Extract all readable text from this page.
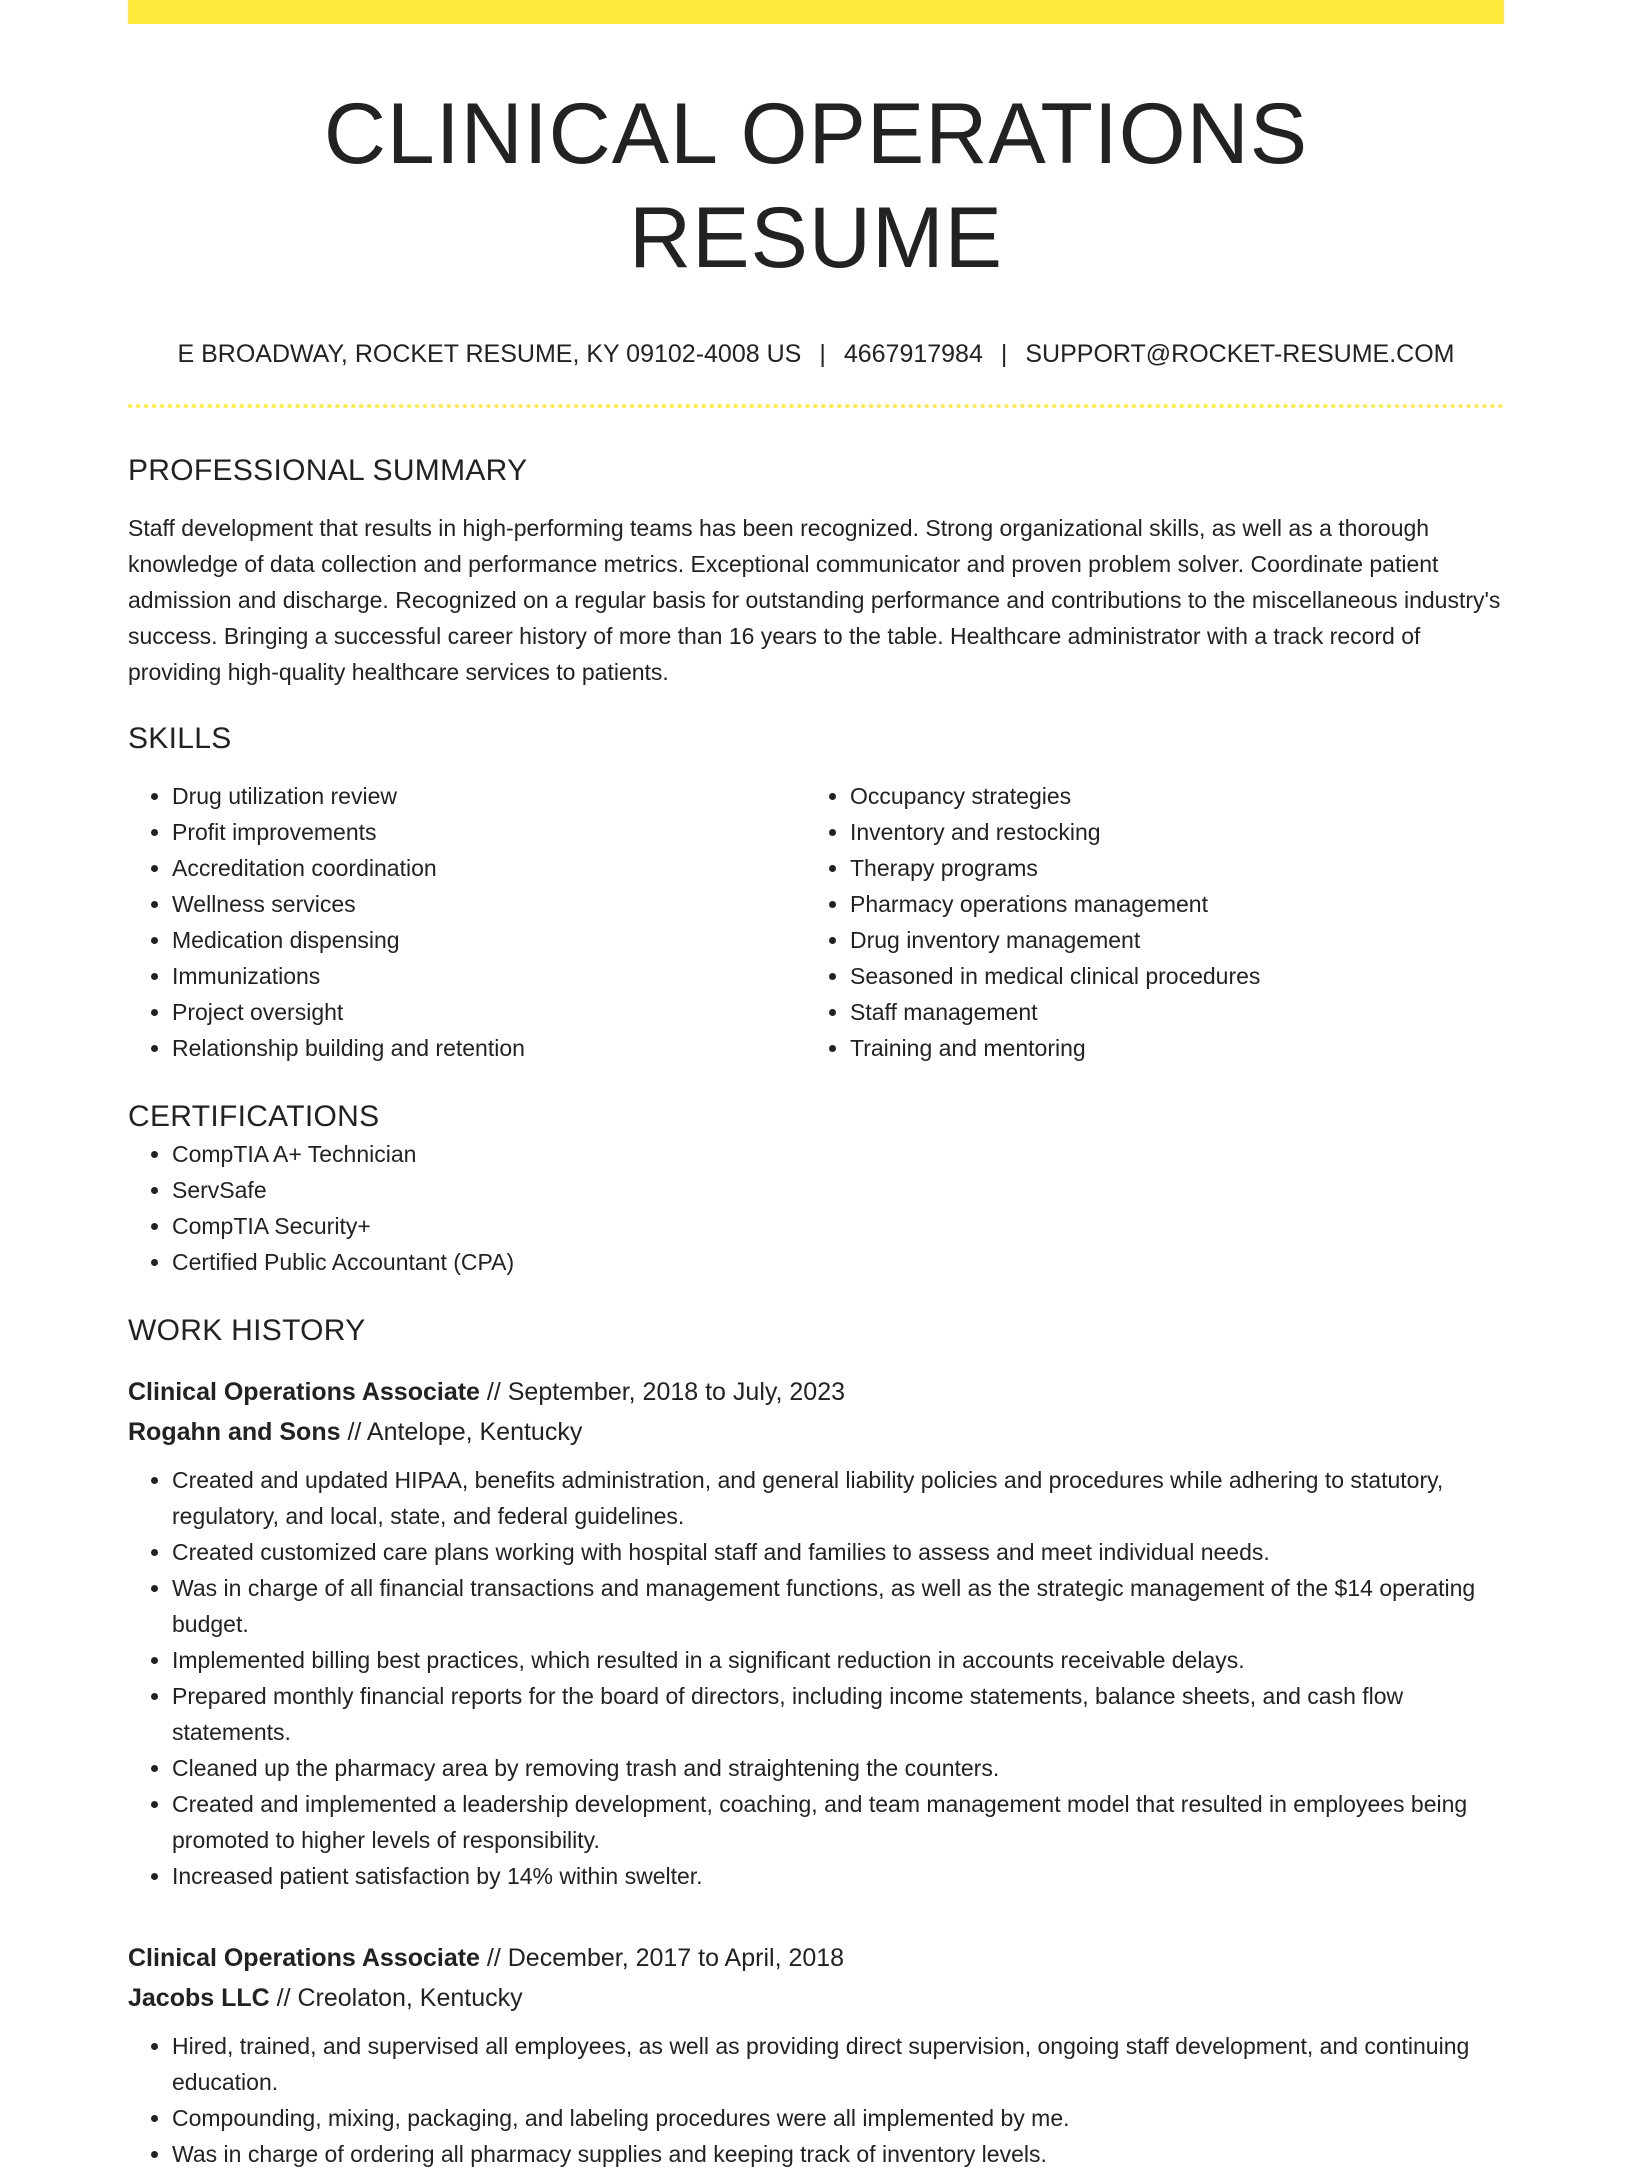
CLINICAL OPERATIONS RESUME
E BROADWAY, ROCKET RESUME, KY 09102-4008 US | 4667917984 | SUPPORT@ROCKET-RESUME.COM
PROFESSIONAL SUMMARY

Staff development that results in high-performing teams has been recognized. Strong organizational skills, as well as a thorough knowledge of data collection and performance metrics. Exceptional communicator and proven problem solver. Coordinate patient admission and discharge. Recognized on a regular basis for outstanding performance and contributions to the miscellaneous industry's success. Bringing a successful career history of more than 16 years to the table. Healthcare administrator with a track record of providing high-quality healthcare services to patients.

SKILLS
• Drug utilization review
• Profit improvements
• Accreditation coordination
• Wellness services
• Medication dispensing
• Immunizations
• Project oversight
• Relationship building and retention
• Occupancy strategies
• Inventory and restocking
• Therapy programs
• Pharmacy operations management
• Drug inventory management
• Seasoned in medical clinical procedures
• Staff management
• Training and mentoring
CERTIFICATIONS
• CompTIA A+ Technician
• ServSafe
• CompTIA Security+
• Certified Public Accountant (CPA)
WORK HISTORY
Clinical Operations Associate // September, 2018 to July, 2023
Rogahn and Sons // Antelope, Kentucky
• Created and updated HIPAA, benefits administration, and general liability policies and procedures while adhering to statutory, regulatory, and local, state, and federal guidelines.
• Created customized care plans working with hospital staff and families to assess and meet individual needs.
• Was in charge of all financial transactions and management functions, as well as the strategic management of the $14 operating budget.
• Implemented billing best practices, which resulted in a significant reduction in accounts receivable delays.
• Prepared monthly financial reports for the board of directors, including income statements, balance sheets, and cash flow statements.
• Cleaned up the pharmacy area by removing trash and straightening the counters.
• Created and implemented a leadership development, coaching, and team management model that resulted in employees being promoted to higher levels of responsibility.
• Increased patient satisfaction by 14% within swelter.
Clinical Operations Associate // December, 2017 to April, 2018
Jacobs LLC // Creolaton, Kentucky
• Hired, trained, and supervised all employees, as well as providing direct supervision, ongoing staff development, and continuing education.
• Compounding, mixing, packaging, and labeling procedures were all implemented by me.
• Was in charge of ordering all pharmacy supplies and keeping track of inventory levels.
